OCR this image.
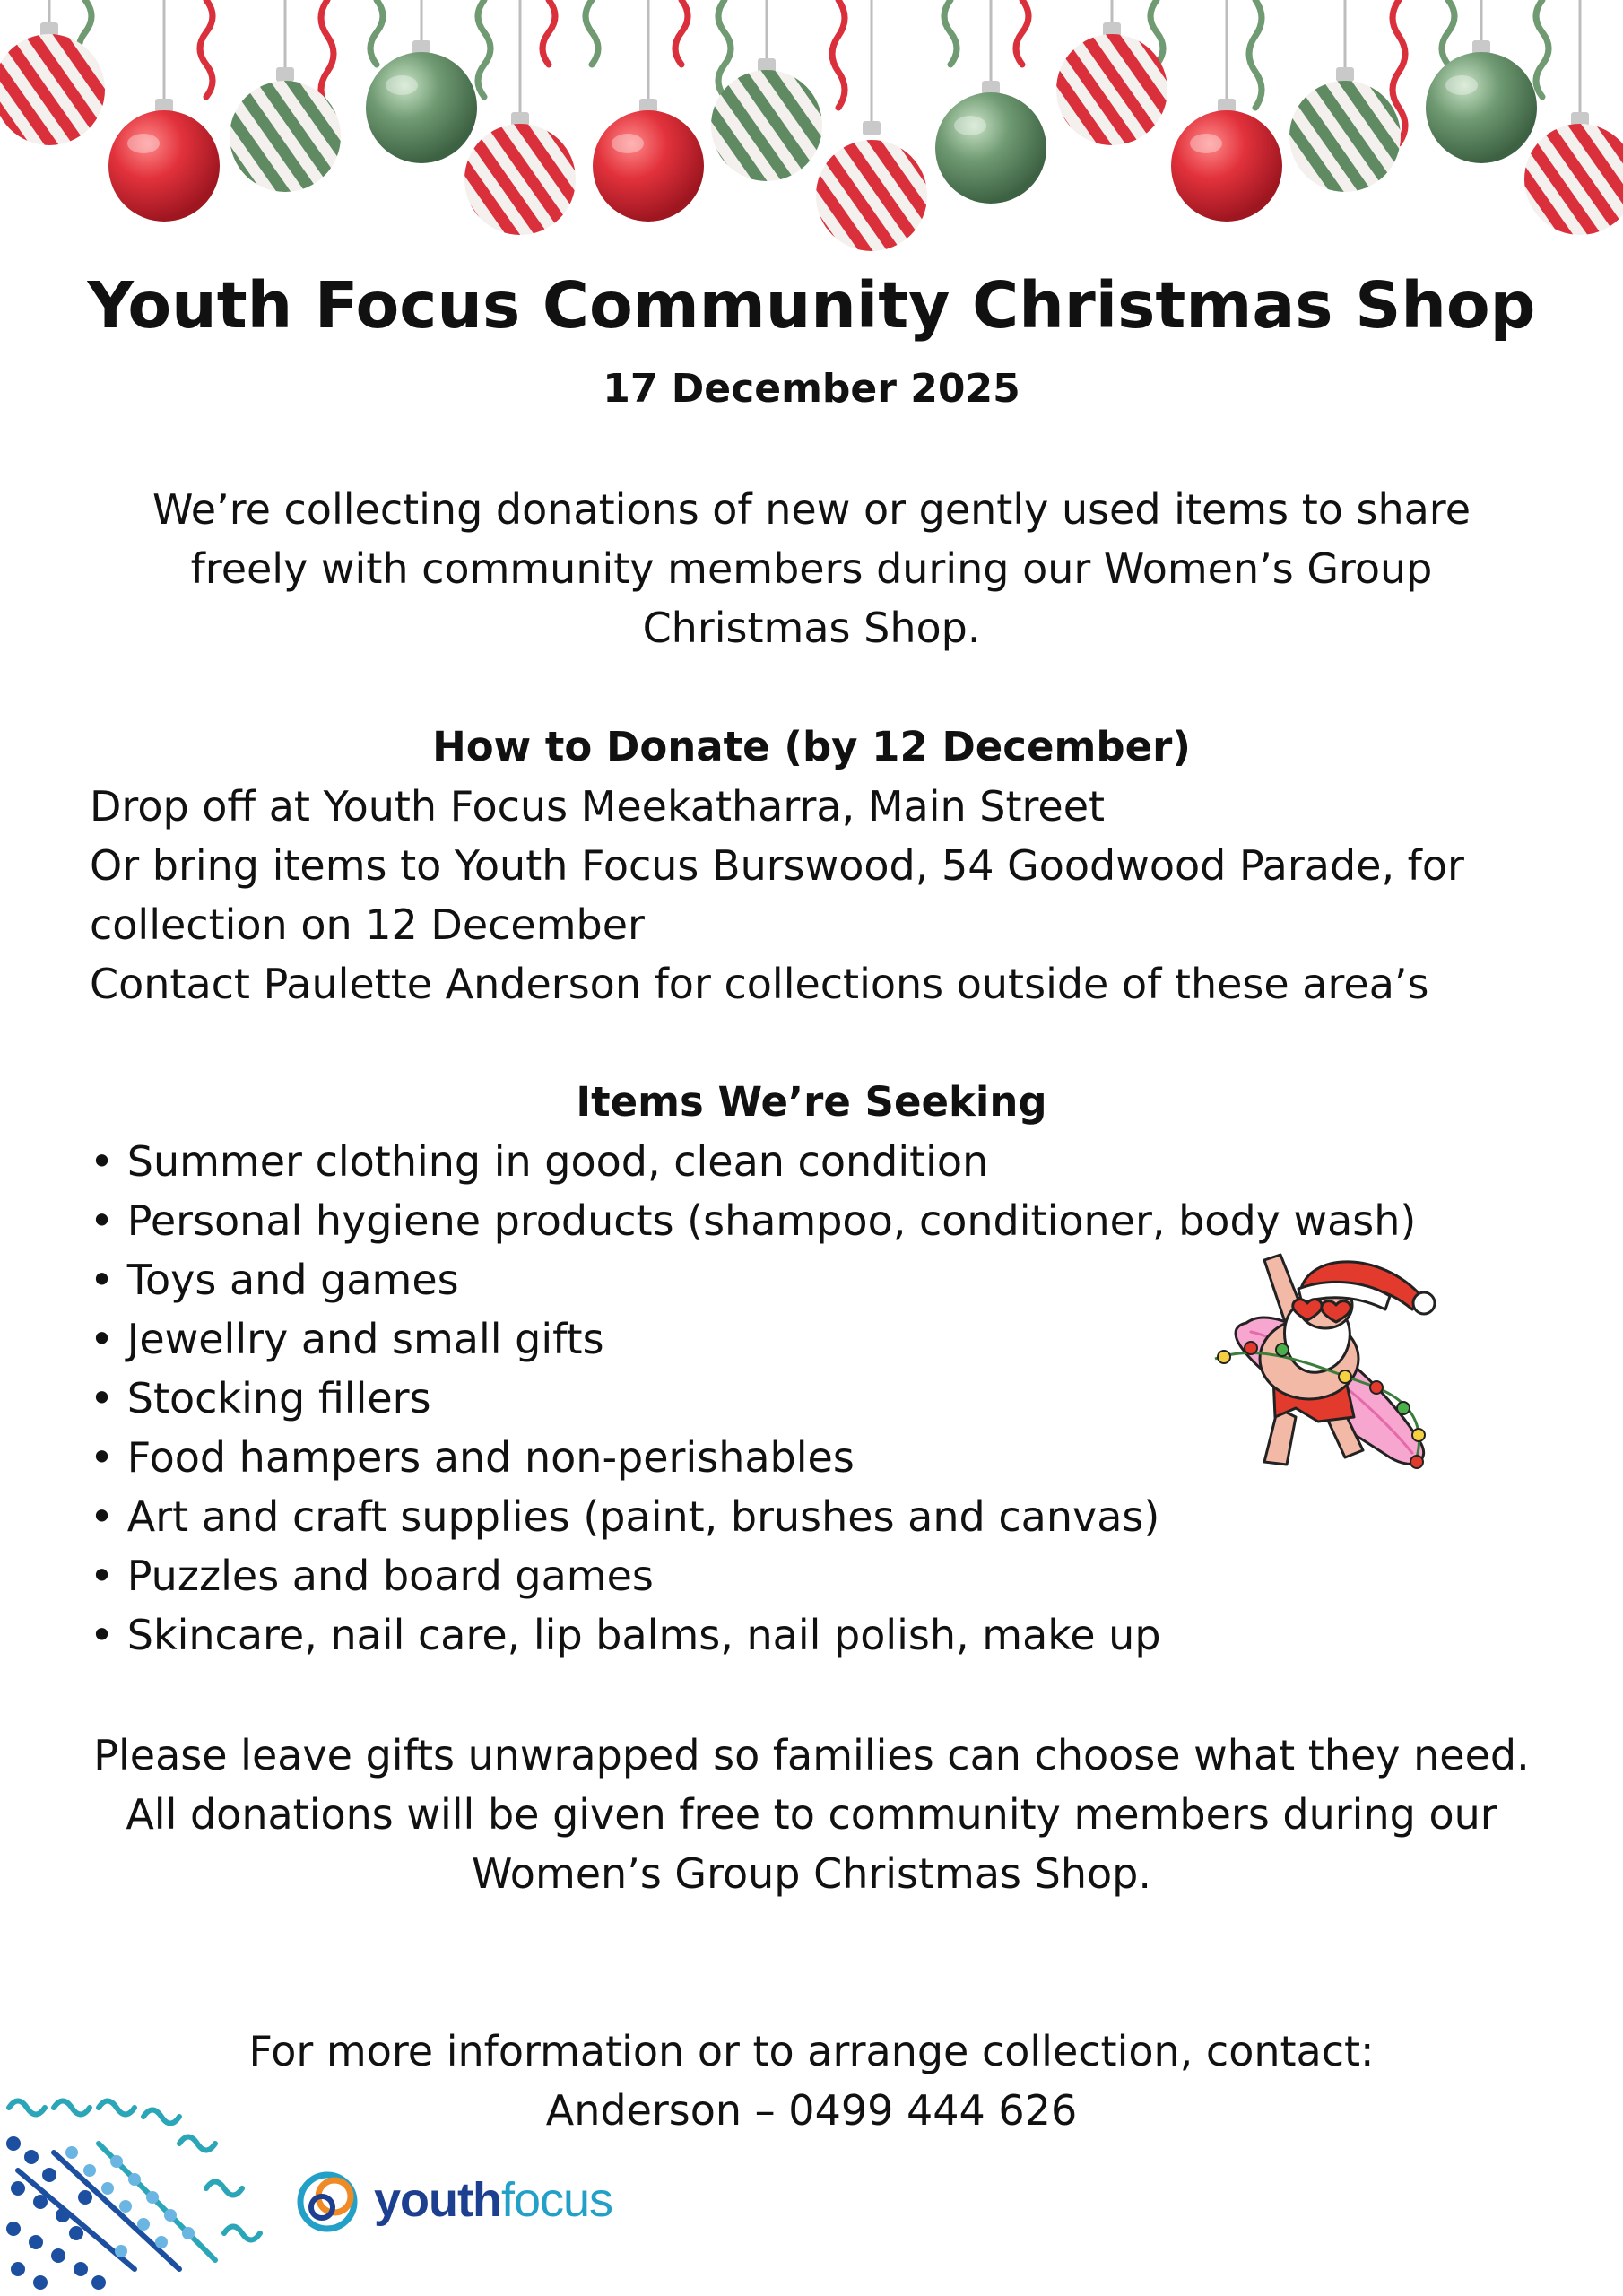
Youth Focus Community Christmas Shop

17 December 2025

We’re collecting donations of new or gently used items to share freely with community members during our Women’s Group Christmas Shop.

How to Donate (by 12 December)
Drop off at Youth Focus Meekatharra, Main Street
Or bring items to Youth Focus Burswood, 54 Goodwood Parade, for collection on 12 December
Contact Paulette Anderson for collections outside of these area’s
Items We’re Seeking
• Summer clothing in good, clean condition
• Personal hygiene products (shampoo, conditioner, body wash)
• Toys and games
• Jewellry and small gifts
• Stocking fillers
• Food hampers and non-perishables
• Art and craft supplies (paint, brushes and canvas)
• Puzzles and board games
• Skincare, nail care, lip balms, nail polish, make up

Please leave gifts unwrapped so families can choose what they need. All donations will be given free to community members during our Women’s Group Christmas Shop.

For more information or to arrange collection, contact:
Anderson – 0499 444 626
youthfocus
